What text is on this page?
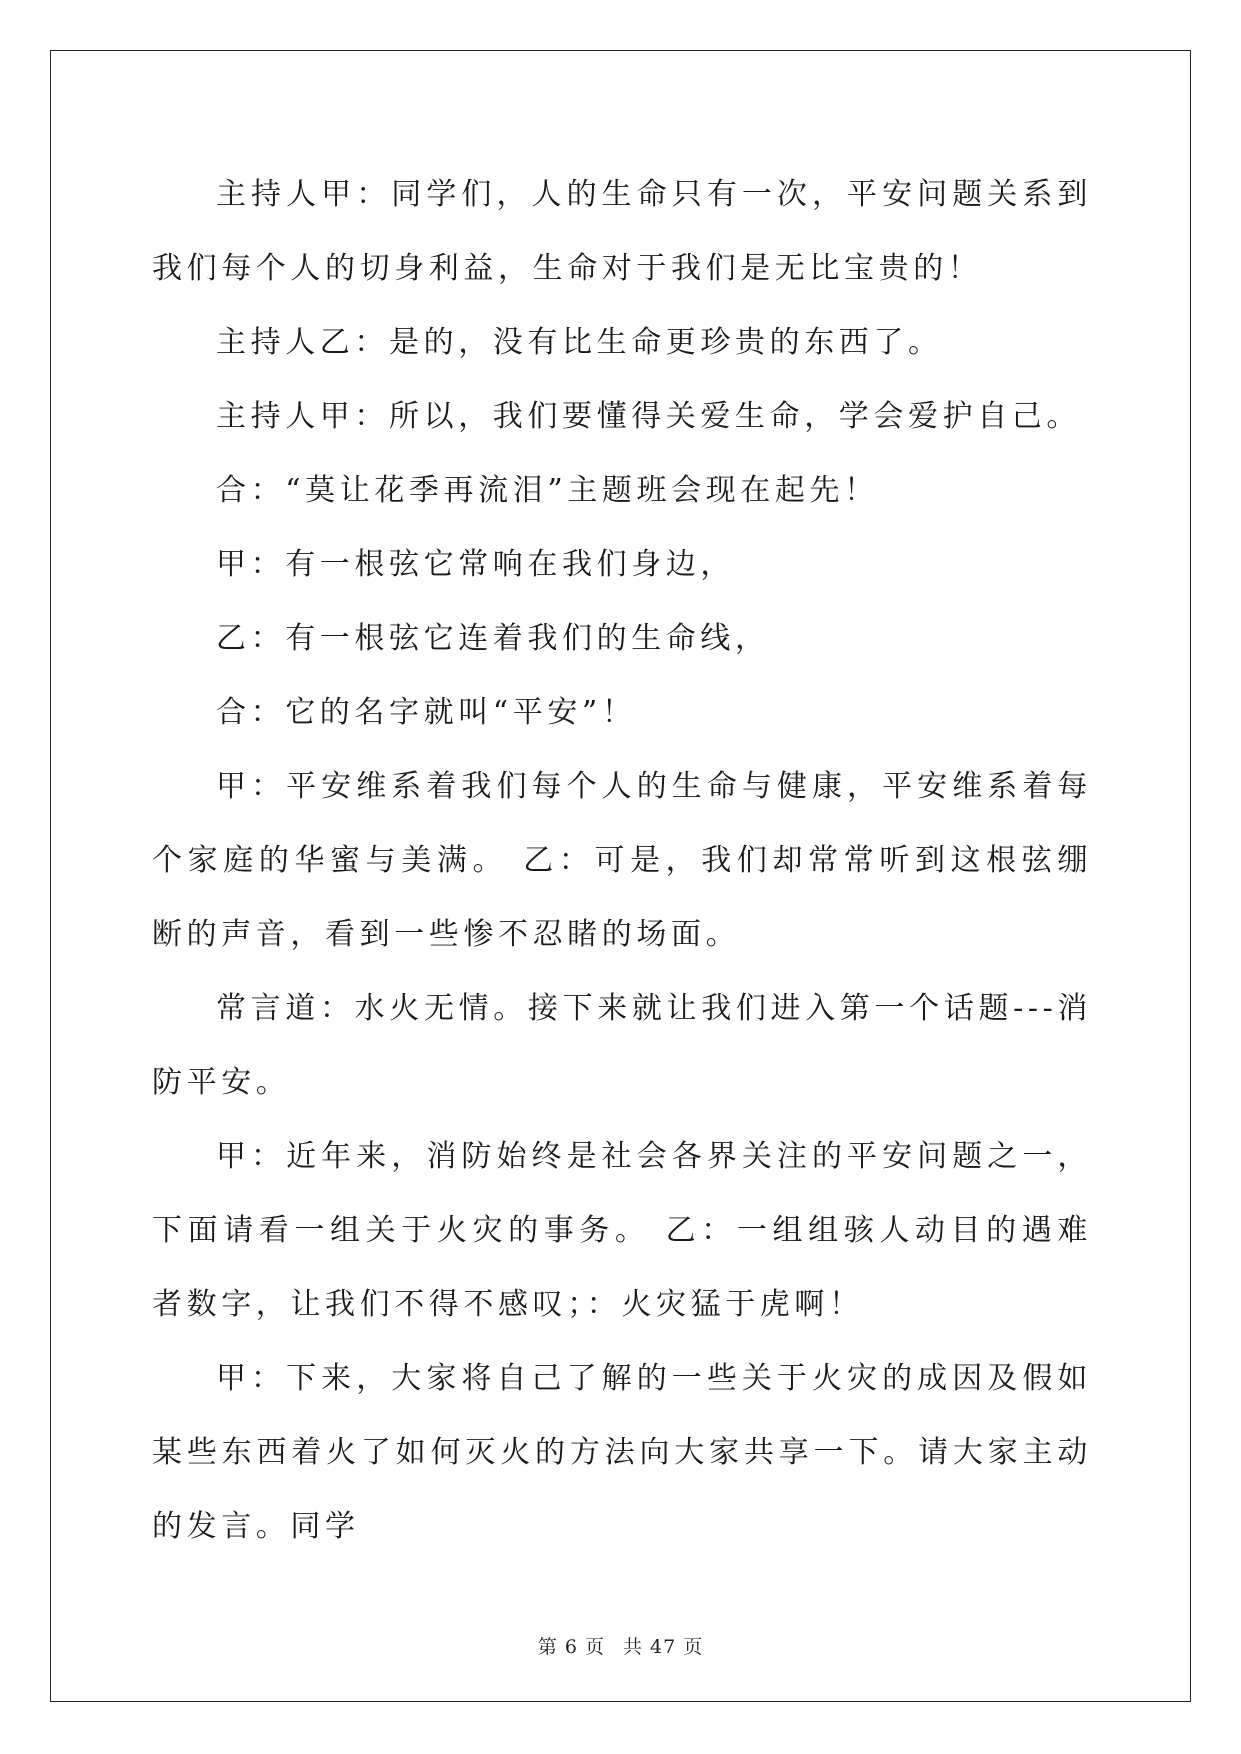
主持人甲：同学们，人的生命只有一次，平安问题关系到我们每个人的切身利益，生命对于我们是无比宝贵的！

主持人乙：是的，没有比生命更珍贵的东西了。

主持人甲：所以，我们要懂得关爱生命，学会爱护自己。

合：“莫让花季再流泪”主题班会现在起先！

甲：有一根弦它常响在我们身边，

乙：有一根弦它连着我们的生命线，

合：它的名字就叫“平安”！

甲：平安维系着我们每个人的生命与健康，平安维系着每个家庭的华蜜与美满。 乙：可是，我们却常常听到这根弦绷断的声音，看到一些惨不忍睹的场面。

常言道：水火无情。接下来就让我们进入第一个话题---消防平安。

甲：近年来，消防始终是社会各界关注的平安问题之一，下面请看一组关于火灾的事务。 乙：一组组骇人动目的遇难者数字，让我们不得不感叹；：火灾猛于虎啊！

甲：下来，大家将自己了解的一些关于火灾的成因及假如某些东西着火了如何灭火的方法向大家共享一下。请大家主动的发言。同学

第 6 页 共 47 页
